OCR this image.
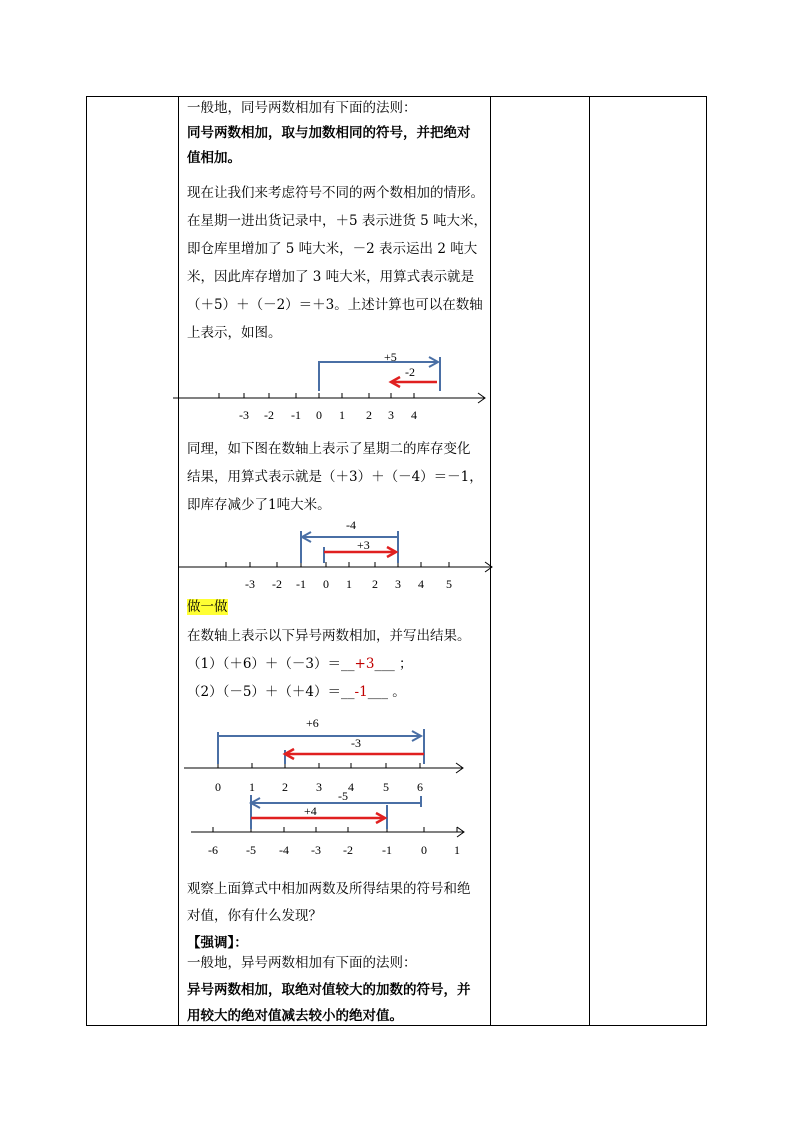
一般地，同号两数相加有下面的法则：
同号两数相加，取与加数相同的符号，并把绝对
值相加。
现在让我们来考虑符号不同的两个数相加的情形。
在星期一进出货记录中，＋5 表示进货 5 吨大米，
即仓库里增加了 5 吨大米，－2 表示运出 2 吨大
米，因此库存增加了 3 吨大米，用算式表示就是
（＋5）＋（－2）＝＋3。上述计算也可以在数轴
上表示，如图。
-3 -2 -1 0 1 2 3 4
+5
-2
同理，如下图在数轴上表示了星期二的库存变化
结果，用算式表示就是（＋3）＋（－4）＝－1，
即库存减少了1吨大米。
-3 -2 -1 0 1 2 3 4 5
-4
+3
做一做
在数轴上表示以下异号两数相加，并写出结果。
（1）（＋6）＋（－3）＝__+3___ ；
（2）（－5）＋（＋4）＝__-1___ 。
0 1 2 3 4 5 6
+6
-3
-6 -5 -4 -3 -2 -1 0 1
-5
+4
观察上面算式中相加两数及所得结果的符号和绝
对值，你有什么发现？
【强调】：
一般地，异号两数相加有下面的法则：
异号两数相加，取绝对值较大的加数的符号，并
用较大的绝对值减去较小的绝对值。
